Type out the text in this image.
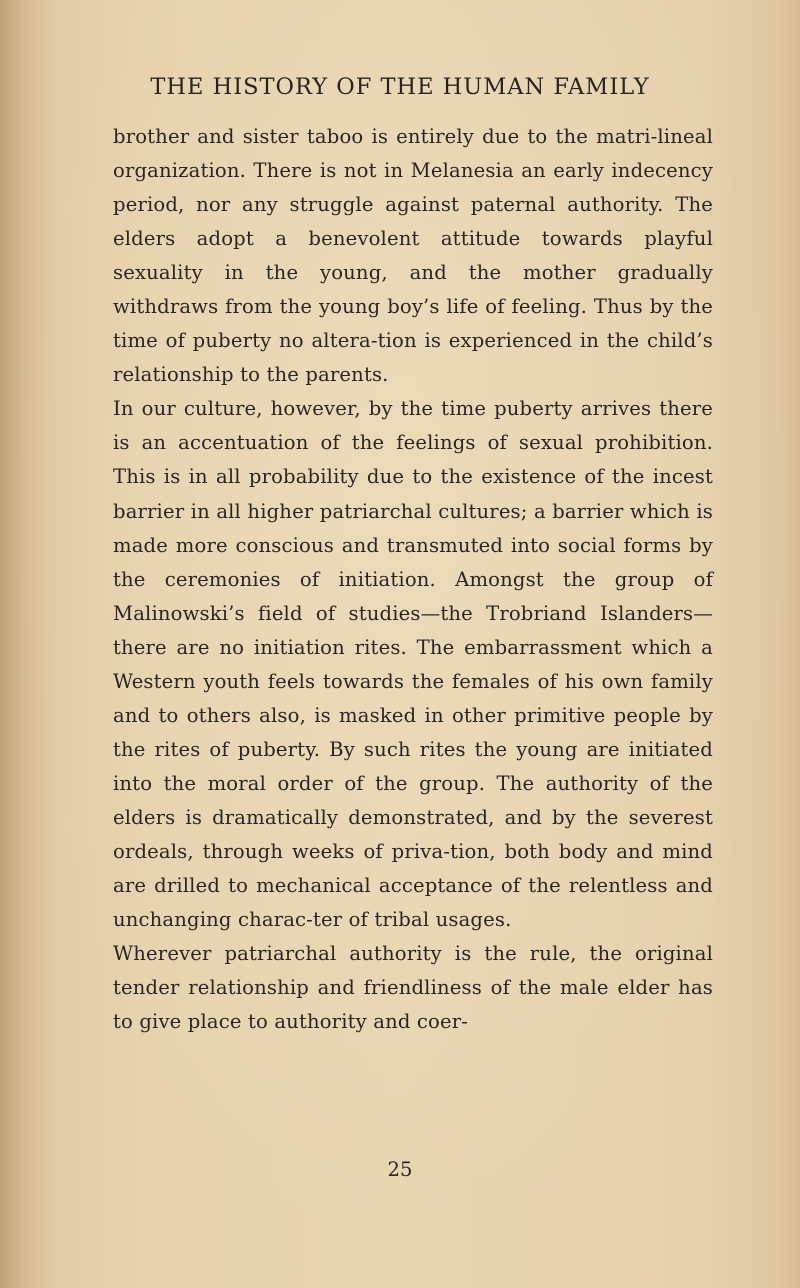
THE HISTORY OF THE HUMAN FAMILY

brother and sister taboo is entirely due to the matri-lineal organization. There is not in Melanesia an early indecency period, nor any struggle against paternal authority. The elders adopt a benevolent attitude towards playful sexuality in the young, and the mother gradually withdraws from the young boy’s life of feeling. Thus by the time of puberty no altera-tion is experienced in the child’s relationship to the parents.

In our culture, however, by the time puberty arrives there is an accentuation of the feelings of sexual prohibition. This is in all probability due to the existence of the incest barrier in all higher patriarchal cultures; a barrier which is made more conscious and transmuted into social forms by the ceremonies of initiation. Amongst the group of Malinowski’s field of studies—the Trobriand Islanders—there are no initiation rites. The embarrassment which a Western youth feels towards the females of his own family and to others also, is masked in other primitive people by the rites of puberty. By such rites the young are initiated into the moral order of the group. The authority of the elders is dramatically demonstrated, and by the severest ordeals, through weeks of priva-tion, both body and mind are drilled to mechanical acceptance of the relentless and unchanging charac-ter of tribal usages.

Wherever patriarchal authority is the rule, the original tender relationship and friendliness of the male elder has to give place to authority and coer-

25
